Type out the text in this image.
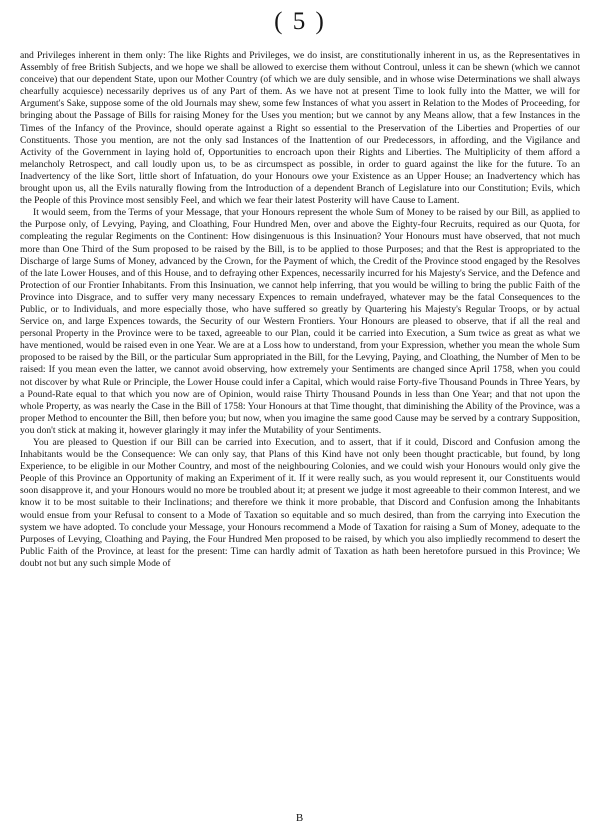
( 5 )

and Privileges inherent in them only: The like Rights and Privileges, we do insist, are constitutionally inherent in us, as the Representatives in Assembly of free British Subjects, and we hope we shall be allowed to exercise them without Controul, unless it can be shewn (which we cannot conceive) that our dependent State, upon our Mother Country (of which we are duly sensible, and in whose wise Determinations we shall always chearfully acquiesce) necessarily deprives us of any Part of them. As we have not at present Time to look fully into the Matter, we will for Argument's Sake, suppose some of the old Journals may shew, some few Instances of what you assert in Relation to the Modes of Proceeding, for bringing about the Passage of Bills for raising Money for the Uses you mention; but we cannot by any Means allow, that a few Instances in the Times of the Infancy of the Province, should operate against a Right so essential to the Preservation of the Liberties and Properties of our Constituents. Those you mention, are not the only sad Instances of the Inattention of our Predecessors, in affording, and the Vigilance and Activity of the Government in laying hold of, Opportunities to encroach upon their Rights and Liberties. The Multiplicity of them afford a melancholy Retrospect, and call loudly upon us, to be as circumspect as possible, in order to guard against the like for the future. To an Inadvertency of the like Sort, little short of Infatuation, do your Honours owe your Existence as an Upper House; an Inadvertency which has brought upon us, all the Evils naturally flowing from the Introduction of a dependent Branch of Legislature into our Constitution; Evils, which the People of this Province most sensibly Feel, and which we fear their latest Posterity will have Cause to Lament.

It would seem, from the Terms of your Message, that your Honours represent the whole Sum of Money to be raised by our Bill, as applied to the Purpose only, of Levying, Paying, and Cloathing, Four Hundred Men, over and above the Eighty-four Recruits, required as our Quota, for compleating the regular Regiments on the Continent: How disingenuous is this Insinuation? Your Honours must have observed, that not much more than One Third of the Sum proposed to be raised by the Bill, is to be applied to those Purposes; and that the Rest is appropriated to the Discharge of large Sums of Money, advanced by the Crown, for the Payment of which, the Credit of the Province stood engaged by the Resolves of the late Lower Houses, and of this House, and to defraying other Expences, necessarily incurred for his Majesty's Service, and the Defence and Protection of our Frontier Inhabitants. From this Insinuation, we cannot help inferring, that you would be willing to bring the public Faith of the Province into Disgrace, and to suffer very many necessary Expences to remain undefrayed, whatever may be the fatal Consequences to the Public, or to Individuals, and more especially those, who have suffered so greatly by Quartering his Majesty's Regular Troops, or by actual Service on, and large Expences towards, the Security of our Western Frontiers. Your Honours are pleased to observe, that if all the real and personal Property in the Province were to be taxed, agreeable to our Plan, could it be carried into Execution, a Sum twice as great as what we have mentioned, would be raised even in one Year. We are at a Loss how to understand, from your Expression, whether you mean the whole Sum proposed to be raised by the Bill, or the particular Sum appropriated in the Bill, for the Levying, Paying, and Cloathing, the Number of Men to be raised: If you mean even the latter, we cannot avoid observing, how extremely your Sentiments are changed since April 1758, when you could not discover by what Rule or Principle, the Lower House could infer a Capital, which would raise Forty-five Thousand Pounds in Three Years, by a Pound-Rate equal to that which you now are of Opinion, would raise Thirty Thousand Pounds in less than One Year; and that not upon the whole Property, as was nearly the Case in the Bill of 1758: Your Honours at that Time thought, that diminishing the Ability of the Province, was a proper Method to encounter the Bill, then before you; but now, when you imagine the same good Cause may be served by a contrary Supposition, you don't stick at making it, however glaringly it may infer the Mutability of your Sentiments.

You are pleased to Question if our Bill can be carried into Execution, and to assert, that if it could, Discord and Confusion among the Inhabitants would be the Consequence: We can only say, that Plans of this Kind have not only been thought practicable, but found, by long Experience, to be eligible in our Mother Country, and most of the neighbouring Colonies, and we could wish your Honours would only give the People of this Province an Opportunity of making an Experiment of it. If it were really such, as you would represent it, our Constituents would soon disapprove it, and your Honours would no more be troubled about it; at present we judge it most agreeable to their common Interest, and we know it to be most suitable to their Inclinations; and therefore we think it more probable, that Discord and Confusion among the Inhabitants would ensue from your Refusal to consent to a Mode of Taxation so equitable and so much desired, than from the carrying into Execution the system we have adopted. To conclude your Message, your Honours recommend a Mode of Taxation for raising a Sum of Money, adequate to the Purposes of Levying, Cloathing and Paying, the Four Hundred Men proposed to be raised, by which you also impliedly recommend to desert the Public Faith of the Province, at least for the present: Time can hardly admit of Taxation as hath been heretofore pursued in this Province; We doubt not but any such simple Mode of

B
